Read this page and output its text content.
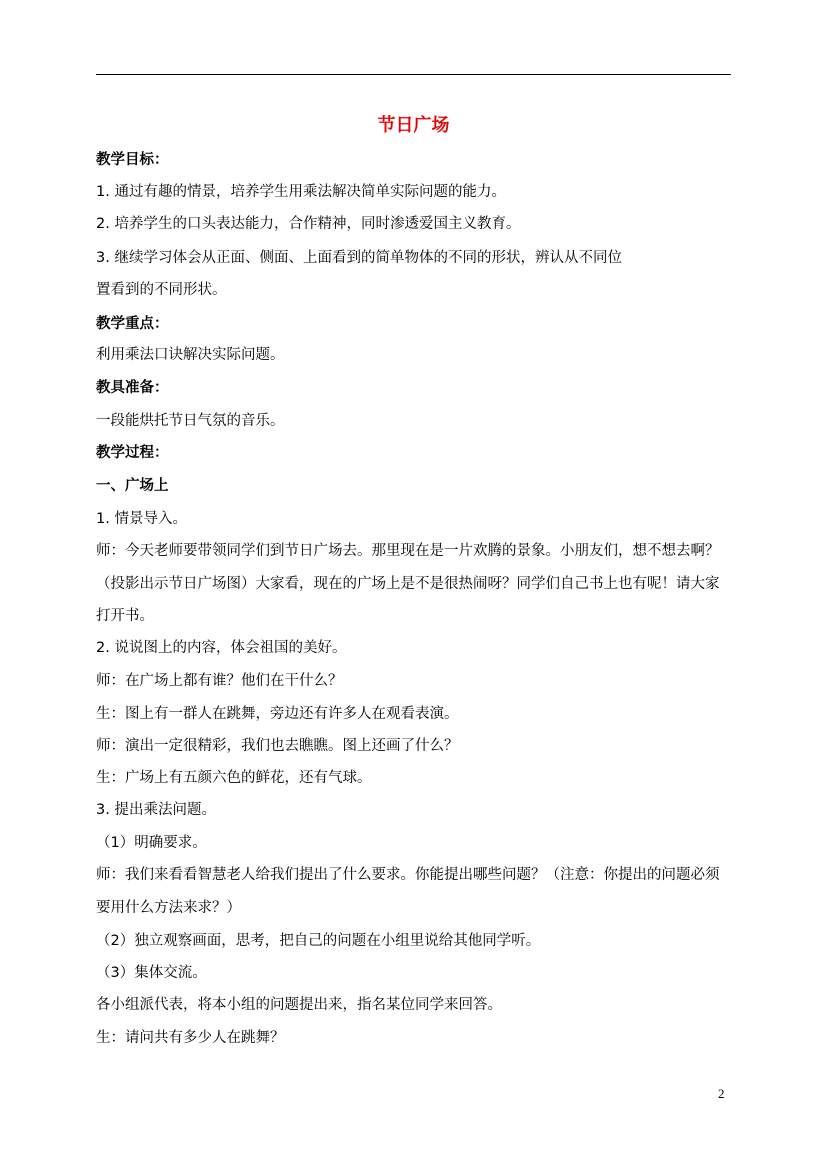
节日广场
教学目标：
1. 通过有趣的情景，培养学生用乘法解决简单实际问题的能力。
2. 培养学生的口头表达能力，合作精神，同时渗透爱国主义教育。
3. 继续学习体会从正面、侧面、上面看到的简单物体的不同的形状，辨认从不同位
置看到的不同形状。
教学重点：
利用乘法口诀解决实际问题。
教具准备：
一段能烘托节日气氛的音乐。
教学过程：
一、广场上
1. 情景导入。
师：今天老师要带领同学们到节日广场去。那里现在是一片欢腾的景象。小朋友们，想不想去啊？
（投影出示节日广场图）大家看，现在的广场上是不是很热闹呀？同学们自己书上也有呢！请大家
打开书。
2. 说说图上的内容，体会祖国的美好。
师：在广场上都有谁？他们在干什么？
生：图上有一群人在跳舞，旁边还有许多人在观看表演。
师：演出一定很精彩，我们也去瞧瞧。图上还画了什么？
生：广场上有五颜六色的鲜花，还有气球。
3. 提出乘法问题。
（1）明确要求。
师：我们来看看智慧老人给我们提出了什么要求。你能提出哪些问题？（注意：你提出的问题必须
要用什么方法来求？）
（2）独立观察画面，思考，把自己的问题在小组里说给其他同学听。
（3）集体交流。
各小组派代表，将本小组的问题提出来，指名某位同学来回答。
生：请问共有多少人在跳舞？
2
